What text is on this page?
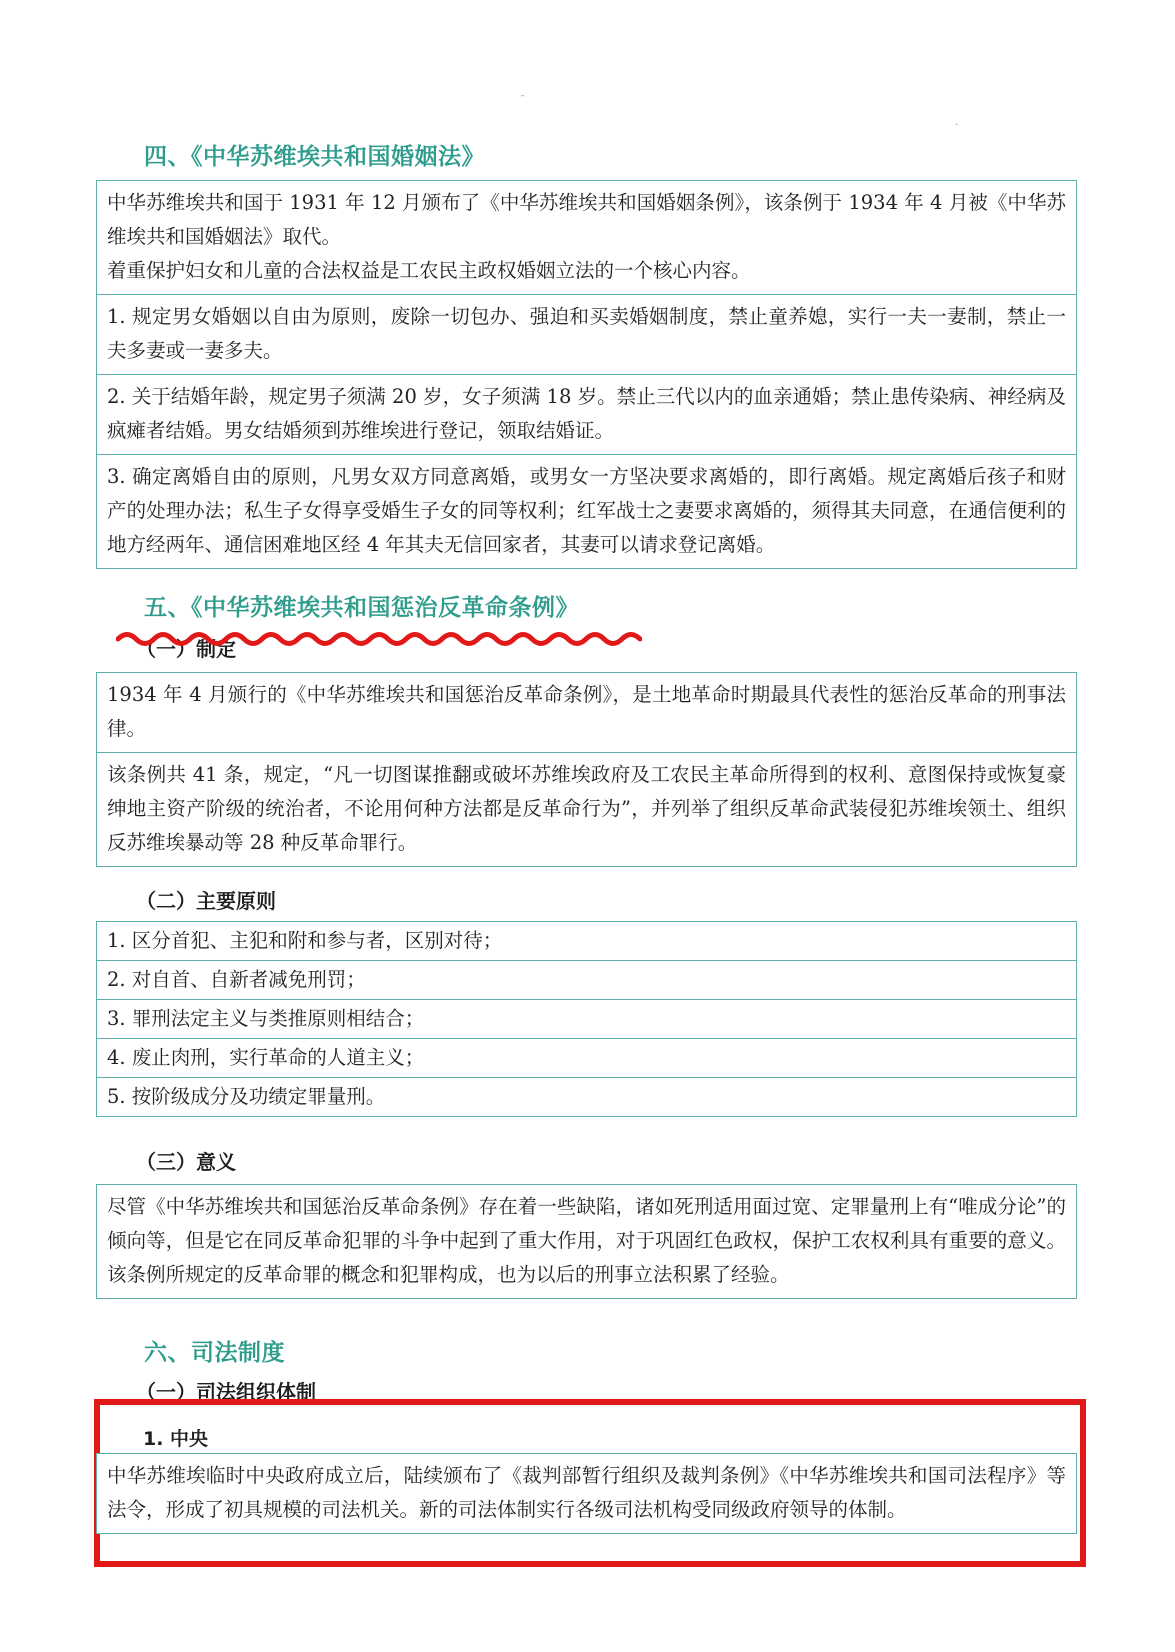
四、《中华苏维埃共和国婚姻法》
中华苏维埃共和国于 1931 年 12 月颁布了《中华苏维埃共和国婚姻条例》，该条例于 1934 年 4 月被《中华苏维埃共和国婚姻法》取代。
着重保护妇女和儿童的合法权益是工农民主政权婚姻立法的一个核心内容。
1. 规定男女婚姻以自由为原则，废除一切包办、强迫和买卖婚姻制度，禁止童养媳，实行一夫一妻制，禁止一夫多妻或一妻多夫。
2. 关于结婚年龄，规定男子须满 20 岁，女子须满 18 岁。禁止三代以内的血亲通婚；禁止患传染病、神经病及疯瘫者结婚。男女结婚须到苏维埃进行登记，领取结婚证。
3. 确定离婚自由的原则，凡男女双方同意离婚，或男女一方坚决要求离婚的，即行离婚。规定离婚后孩子和财产的处理办法；私生子女得享受婚生子女的同等权利；红军战士之妻要求离婚的，须得其夫同意，在通信便利的地方经两年、通信困难地区经 4 年其夫无信回家者，其妻可以请求登记离婚。
五、《中华苏维埃共和国惩治反革命条例》
（一）制定
1934 年 4 月颁行的《中华苏维埃共和国惩治反革命条例》，是土地革命时期最具代表性的惩治反革命的刑事法律。
该条例共 41 条，规定，“凡一切图谋推翻或破坏苏维埃政府及工农民主革命所得到的权利、意图保持或恢复豪绅地主资产阶级的统治者，不论用何种方法都是反革命行为”，并列举了组织反革命武装侵犯苏维埃领土、组织反苏维埃暴动等 28 种反革命罪行。
（二）主要原则
1. 区分首犯、主犯和附和参与者，区别对待；
2. 对自首、自新者减免刑罚；
3. 罪刑法定主义与类推原则相结合；
4. 废止肉刑，实行革命的人道主义；
5. 按阶级成分及功绩定罪量刑。
（三）意义
尽管《中华苏维埃共和国惩治反革命条例》存在着一些缺陷，诸如死刑适用面过宽、定罪量刑上有“唯成分论”的倾向等，但是它在同反革命犯罪的斗争中起到了重大作用，对于巩固红色政权，保护工农权利具有重要的意义。该条例所规定的反革命罪的概念和犯罪构成，也为以后的刑事立法积累了经验。
六、司法制度
（一）司法组织体制
1. 中央
中华苏维埃临时中央政府成立后，陆续颁布了《裁判部暂行组织及裁判条例》《中华苏维埃共和国司法程序》等法令，形成了初具规模的司法机关。新的司法体制实行各级司法机构受同级政府领导的体制。
ˉ
·
